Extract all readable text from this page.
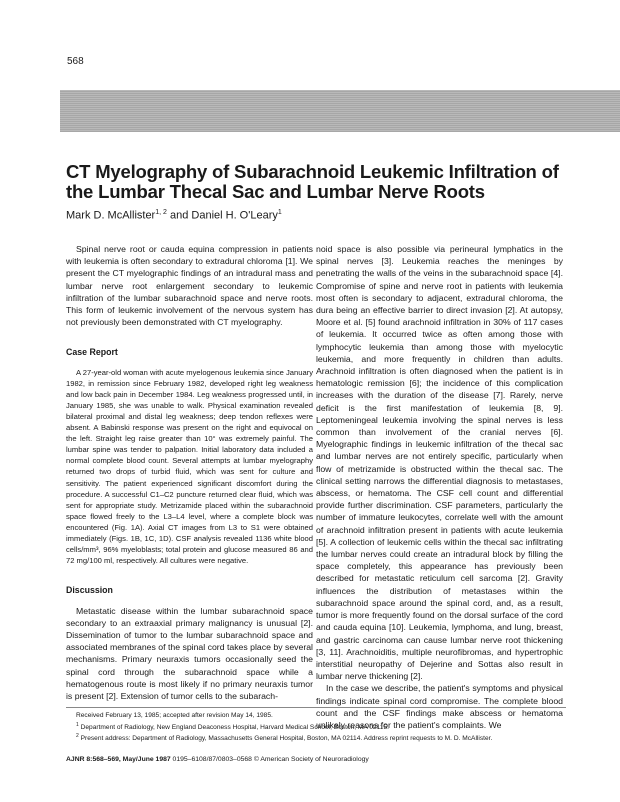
568
CT Myelography of Subarachnoid Leukemic Infiltration of the Lumbar Thecal Sac and Lumbar Nerve Roots
Mark D. McAllister$^{1, 2}$ and Daniel H. O'Leary$^1$

Spinal nerve root or cauda equina compression in patients with leukemia is often secondary to extradural chloroma [1]. We present the CT myelographic findings of an intradural mass and lumbar nerve root enlargement secondary to leukemic infiltration of the lumbar subarachnoid space and nerve roots. This form of leukemic involvement of the nervous system has not previously been demonstrated with CT myelography.

Case Report

A 27-year-old woman with acute myelogenous leukemia since January 1982, in remission since February 1982, developed right leg weakness and low back pain in December 1984. Leg weakness progressed until, in January 1985, she was unable to walk. Physical examination revealed bilateral proximal and distal leg weakness; deep tendon reflexes were absent. A Babinski response was present on the right and equivocal on the left. Straight leg raise greater than 10° was extremely painful. The lumbar spine was tender to palpation. Initial laboratory data included a normal complete blood count. Several attempts at lumbar myelography returned two drops of turbid fluid, which was sent for culture and sensitivity. The patient experienced significant discomfort during the procedure. A successful C1–C2 puncture returned clear fluid, which was sent for appropriate study. Metrizamide placed within the subarachnoid space flowed freely to the L3–L4 level, where a complete block was encountered (Fig. 1A). Axial CT images from L3 to S1 were obtained immediately (Figs. 1B, 1C, 1D). CSF analysis revealed 1136 white blood cells/mm³, 96% myeloblasts; total protein and glucose measured 86 and 72 mg/100 ml, respectively. All cultures were negative.

Discussion

Metastatic disease within the lumbar subarachnoid space secondary to an extraaxial primary malignancy is unusual [2]. Dissemination of tumor to the lumbar subarachnoid space and associated membranes of the spinal cord takes place by several mechanisms. Primary neuraxis tumors occasionally seed the spinal cord through the subarachnoid space while a hematogenous route is most likely if no primary neuraxis tumor is present [2]. Extension of tumor cells to the subarach-

noid space is also possible via perineural lymphatics in the spinal nerves [3]. Leukemia reaches the meninges by penetrating the walls of the veins in the subarachnoid space [4]. Compromise of spine and nerve root in patients with leukemia most often is secondary to adjacent, extradural chloroma, the dura being an effective barrier to direct invasion [2]. At autopsy, Moore et al. [5] found arachnoid infiltration in 30% of 117 cases of leukemia. It occurred twice as often among those with lymphocytic leukemia than among those with myelocytic leukemia, and more frequently in children than adults. Arachnoid infiltration is often diagnosed when the patient is in hematologic remission [6]; the incidence of this complication increases with the duration of the disease [7]. Rarely, nerve deficit is the first manifestation of leukemia [8, 9]. Leptomeningeal leukemia involving the spinal nerves is less common than involvement of the cranial nerves [6]. Myelographic findings in leukemic infiltration of the thecal sac and lumbar nerves are not entirely specific, particularly when flow of metrizamide is obstructed within the thecal sac. The clinical setting narrows the differential diagnosis to metastases, abscess, or hematoma. The CSF cell count and differential provide further discrimination. CSF parameters, particularly the number of immature leukocytes, correlate well with the amount of arachnoid infiltration present in patients with acute leukemia [5]. A collection of leukemic cells within the thecal sac infiltrating the lumbar nerves could create an intradural block by filling the space completely, this appearance has previously been described for metastatic reticulum cell sarcoma [2]. Gravity influences the distribution of metastases within the subarachnoid space around the spinal cord, and, as a result, tumor is more frequently found on the dorsal surface of the cord and cauda equina [10]. Leukemia, lymphoma, and lung, breast, and gastric carcinoma can cause lumbar nerve root thickening [3, 11]. Arachnoiditis, multiple neurofibromas, and hypertrophic interstitial neuropathy of Dejerine and Sottas also result in lumbar nerve thickening [2].

In the case we describe, the patient's symptoms and physical findings indicate spinal cord compromise. The complete blood count and the CSF findings make abscess or hematoma unlikely reasons for the patient's complaints. We

Received February 13, 1985; accepted after revision May 14, 1985.

$^1$ Department of Radiology, New England Deaconess Hospital, Harvard Medical School, Boston, MA 02115.

$^2$ Present address: Department of Radiology, Massachusetts General Hospital, Boston, MA 02114. Address reprint requests to M. D. McAllister.

AJNR 8:568–569, May/June 1987 0195–6108/87/0803–0568 © American Society of Neuroradiology
